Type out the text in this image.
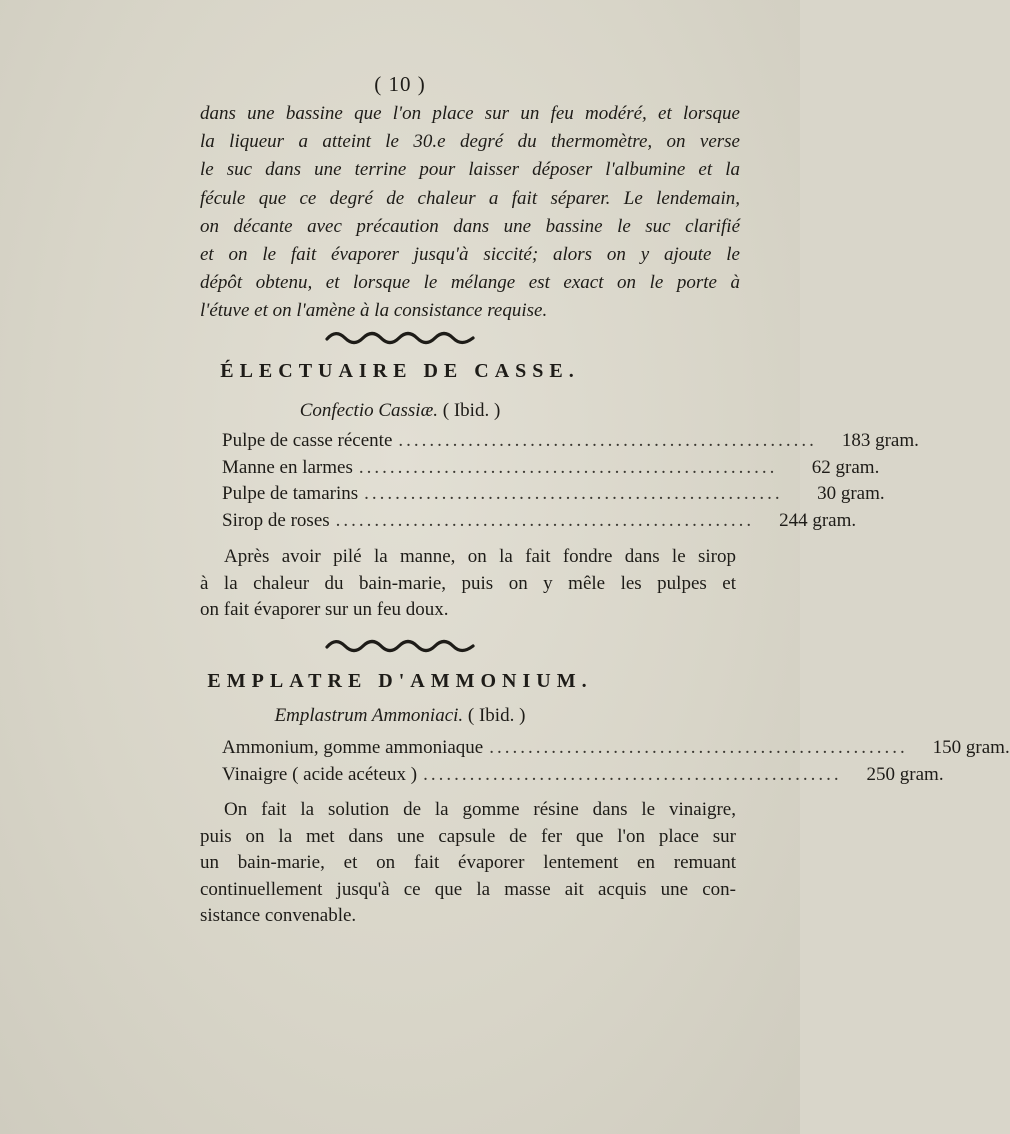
( 10 )
dans une bassine que l'on place sur un feu modéré, et lorsque
la liqueur a atteint le 30.e degré du thermomètre, on verse
le suc dans une terrine pour laisser déposer l'albumine et la
fécule que ce degré de chaleur a fait séparer. Le lendemain,
on décante avec précaution dans une bassine le suc clarifié
et on le fait évaporer jusqu'à siccité; alors on y ajoute le
dépôt obtenu, et lorsque le mélange est exact on le porte à
l'étuve et on l'amène à la consistance requise.
ÉLECTUAIRE DE CASSE.
Confectio Cassiæ. ( Ibid. )
Pulpe de casse récente ......................................................	183 gram.
Manne en larmes ......................................................	62 gram.
Pulpe de tamarins ......................................................	30 gram.
Sirop de roses ......................................................	244 gram.
Après avoir pilé la manne, on la fait fondre dans le sirop
à la chaleur du bain-marie, puis on y mêle les pulpes et
on fait évaporer sur un feu doux.
EMPLATRE D'AMMONIUM.
Emplastrum Ammoniaci. ( Ibid. )
Ammonium, gomme ammoniaque ......................................................	150 gram.
Vinaigre ( acide acéteux ) ......................................................	250 gram.
On fait la solution de la gomme résine dans le vinaigre,
puis on la met dans une capsule de fer que l'on place sur
un bain-marie, et on fait évaporer lentement en remuant
continuellement jusqu'à ce que la masse ait acquis une con-
sistance convenable.
